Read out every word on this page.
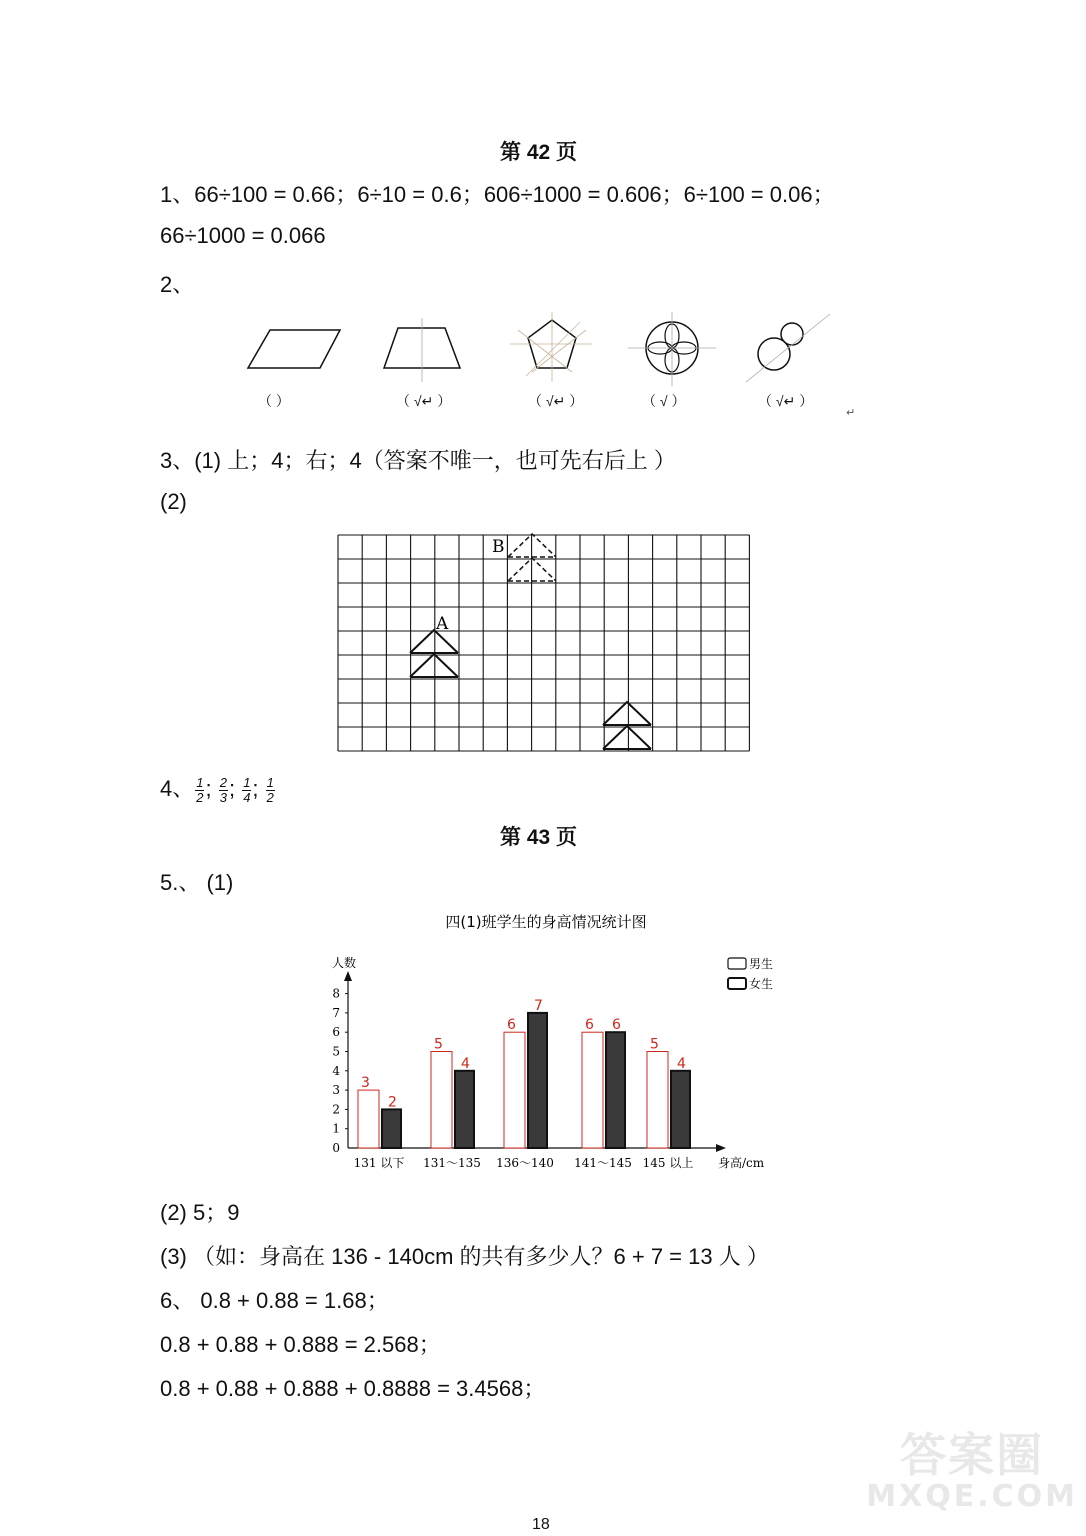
第 42 页
1、66÷100 = 0.66；6÷10 = 0.6；606÷1000 = 0.606；6÷100 = 0.06；
66÷1000 = 0.066
2、
（ ）	（ √↵ ）	（ √↵ ）	（ √ ）	（ √↵ ）
↵
3、(1) 上；4；右；4（答案不唯一，也可先右后上 ）
(2)
A
B
4、 $\frac{1}{2}$ ; $\frac{2}{3}$ ; $\frac{1}{4}$ ; $\frac{1}{2}$
第 43 页
5.、 (1)
四(1)班学生的身高情况统计图
人数
0
1
2
3
4
5
6
7
8
3
2
5
4
6
7
6 6
5
4
131 以下 131～135 136～140 141～145 145 以上 身高/cm
男生
女生
(2) 5；9
(3) （如：身高在 136 - 140cm 的共有多少人？6 + 7 = 13 人 ）
6、 0.8 + 0.88 = 1.68；
0.8 + 0.88 + 0.888 = 2.568；
0.8 + 0.88 + 0.888 + 0.8888 = 3.4568；
答案圈
MXQE.COM
18
